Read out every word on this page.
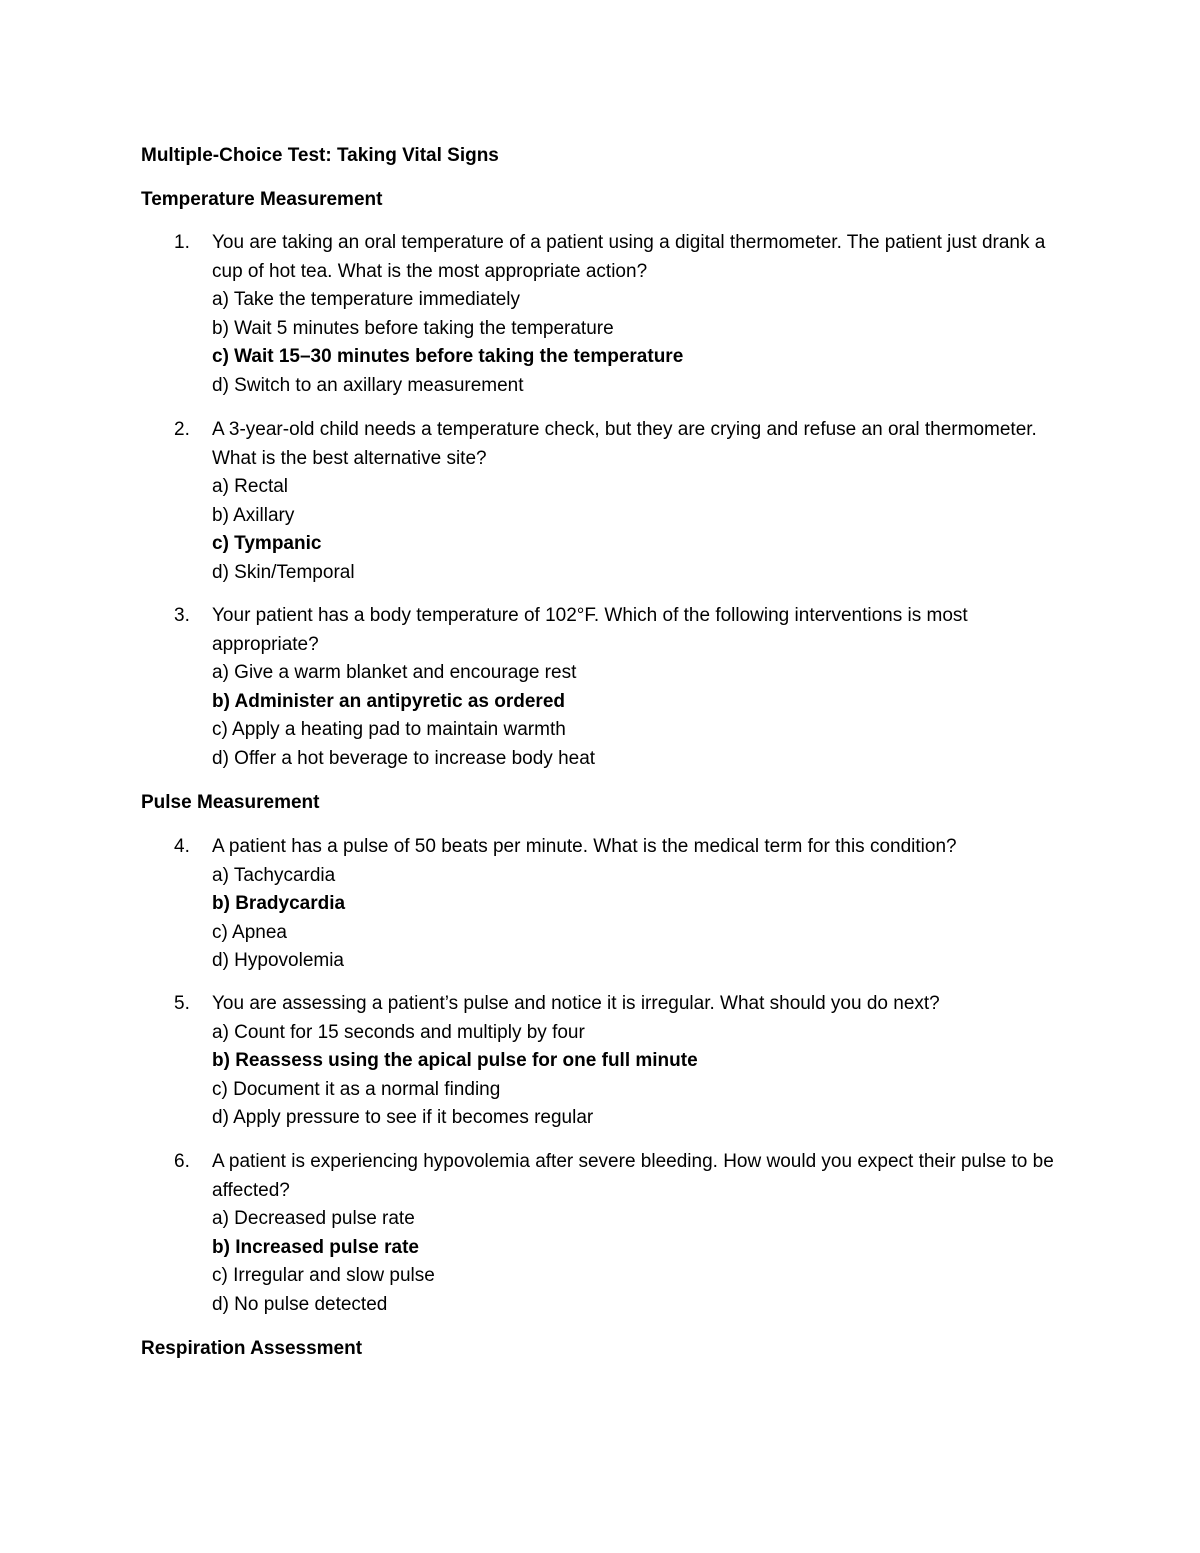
Multiple-Choice Test: Taking Vital Signs
Temperature Measurement
1.	You are taking an oral temperature of a patient using a digital thermometer. The patient just drank a cup of hot tea. What is the most appropriate action?
a) Take the temperature immediately
b) Wait 5 minutes before taking the temperature
c) Wait 15–30 minutes before taking the temperature
d) Switch to an axillary measurement
2.	A 3-year-old child needs a temperature check, but they are crying and refuse an oral thermometer. What is the best alternative site?
a) Rectal
b) Axillary
c) Tympanic
d) Skin/Temporal
3.	Your patient has a body temperature of 102°F. Which of the following interventions is most appropriate?
a) Give a warm blanket and encourage rest
b) Administer an antipyretic as ordered
c) Apply a heating pad to maintain warmth
d) Offer a hot beverage to increase body heat
Pulse Measurement
4.	A patient has a pulse of 50 beats per minute. What is the medical term for this condition?
a) Tachycardia
b) Bradycardia
c) Apnea
d) Hypovolemia
5.	You are assessing a patient’s pulse and notice it is irregular. What should you do next?
a) Count for 15 seconds and multiply by four
b) Reassess using the apical pulse for one full minute
c) Document it as a normal finding
d) Apply pressure to see if it becomes regular
6.	A patient is experiencing hypovolemia after severe bleeding. How would you expect their pulse to be affected?
a) Decreased pulse rate
b) Increased pulse rate
c) Irregular and slow pulse
d) No pulse detected
Respiration Assessment
